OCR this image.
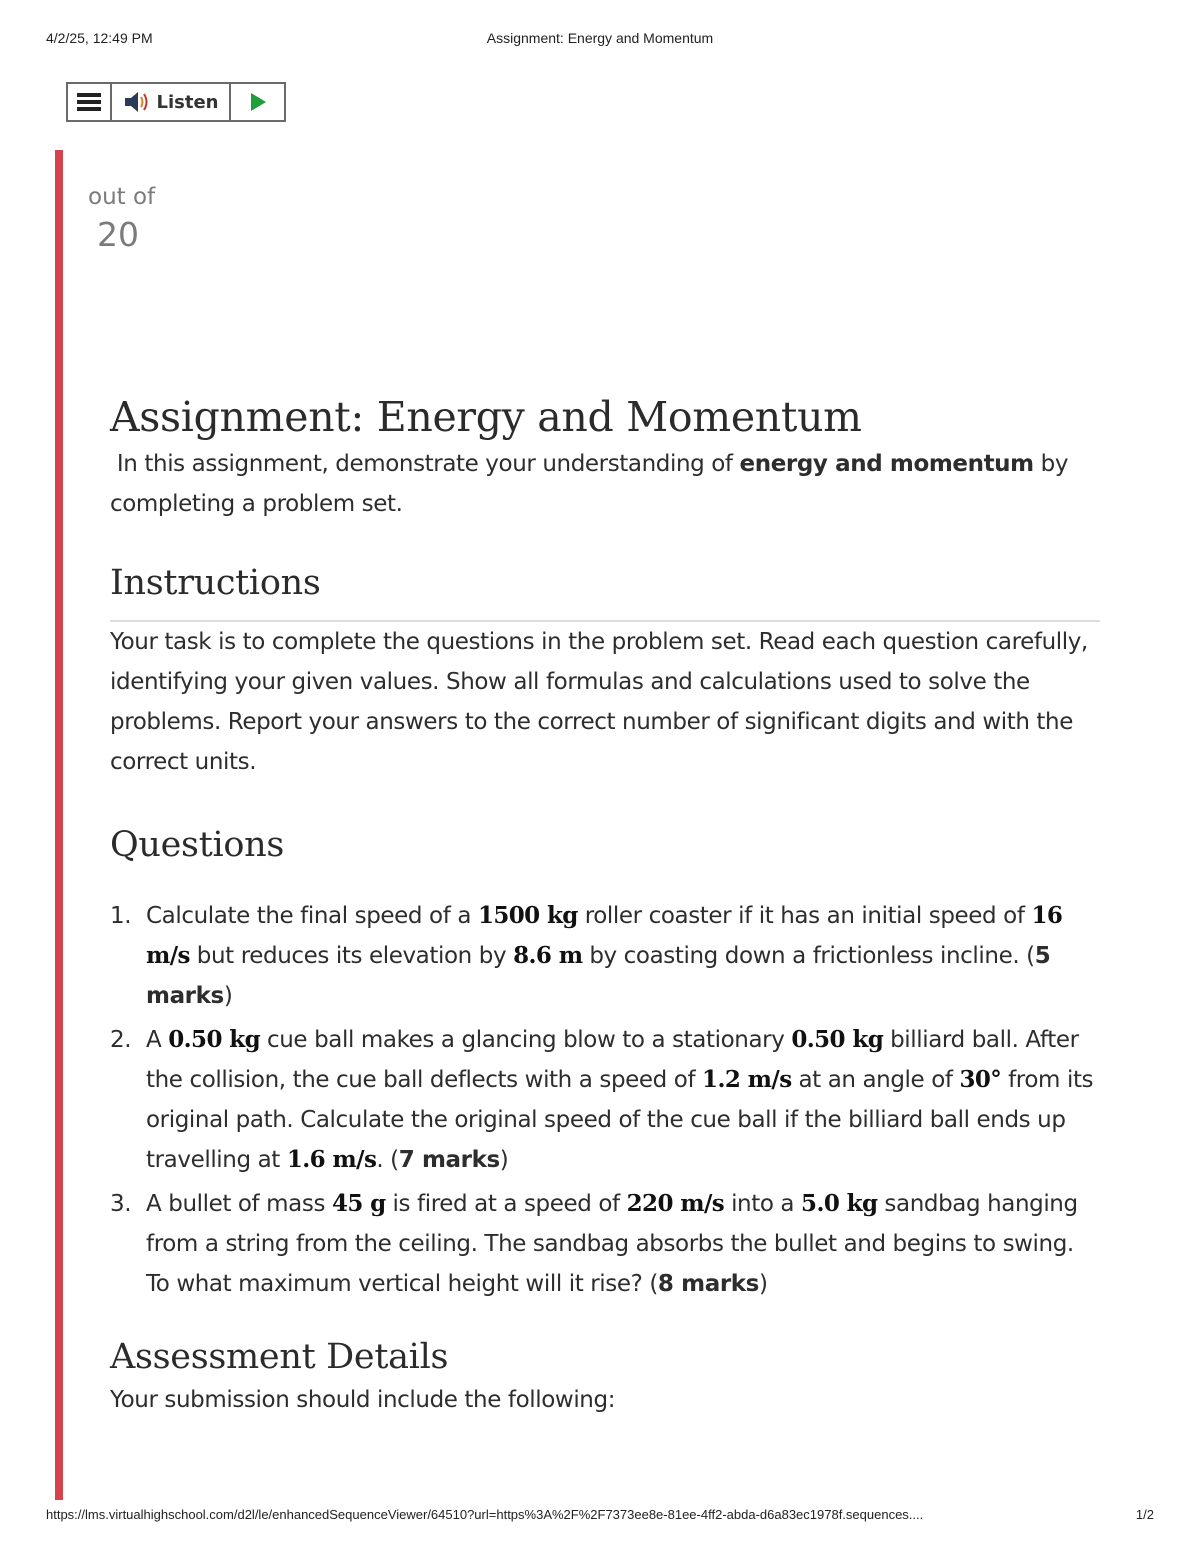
4/2/25, 12:49 PM	Assignment: Energy and Momentum
Listen
out of
20
Assignment: Energy and Momentum

In this assignment, demonstrate your understanding of energy and momentum by completing a problem set.

Instructions

Your task is to complete the questions in the problem set. Read each question carefully, identifying your given values. Show all formulas and calculations used to solve the problems. Report your answers to the correct number of significant digits and with the correct units.

Questions
1. Calculate the final speed of a 1500 kg roller coaster if it has an initial speed of 16 m/s but reduces its elevation by 8.6 m by coasting down a frictionless incline. (5 marks)
2. A 0.50 kg cue ball makes a glancing blow to a stationary 0.50 kg billiard ball. After the collision, the cue ball deflects with a speed of 1.2 m/s at an angle of 30° from its original path. Calculate the original speed of the cue ball if the billiard ball ends up travelling at 1.6 m/s. (7 marks)
3. A bullet of mass 45 g is fired at a speed of 220 m/s into a 5.0 kg sandbag hanging from a string from the ceiling. The sandbag absorbs the bullet and begins to swing. To what maximum vertical height will it rise? (8 marks)
Assessment Details

Your submission should include the following:

https://lms.virtualhighschool.com/d2l/le/enhancedSequenceViewer/64510?url=https%3A%2F%2F7373ee8e-81ee-4ff2-abda-d6a83ec1978f.sequences....	1/2
